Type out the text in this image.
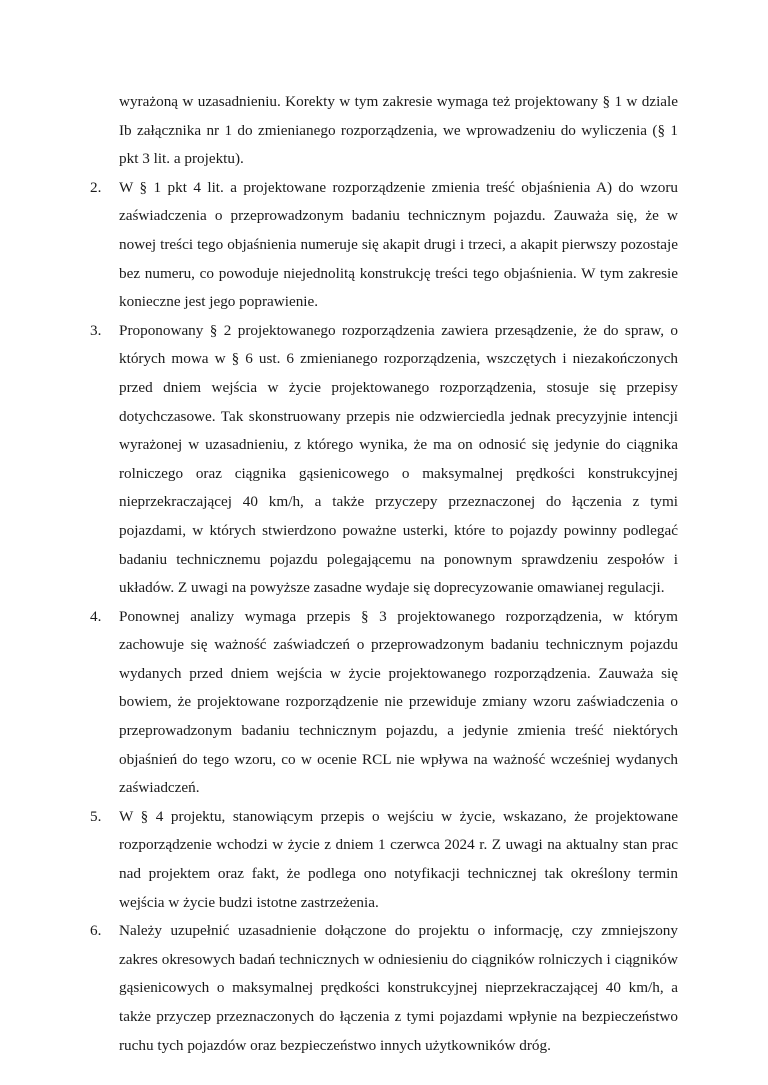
wyrażoną w uzasadnieniu. Korekty w tym zakresie wymaga też projektowany § 1 w dziale Ib załącznika nr 1 do zmienianego rozporządzenia, we wprowadzeniu do wyliczenia (§ 1 pkt 3 lit. a projektu).

2.	W § 1 pkt 4 lit. a projektowane rozporządzenie zmienia treść objaśnienia A) do wzoru zaświadczenia o przeprowadzonym badaniu technicznym pojazdu. Zauważa się, że w nowej treści tego objaśnienia numeruje się akapit drugi i trzeci, a akapit pierwszy pozostaje bez numeru, co powoduje niejednolitą konstrukcję treści tego objaśnienia. W tym zakresie konieczne jest jego poprawienie.
3.	Proponowany § 2 projektowanego rozporządzenia zawiera przesądzenie, że do spraw, o których mowa w § 6 ust. 6 zmienianego rozporządzenia, wszczętych i niezakończonych przed dniem wejścia w życie projektowanego rozporządzenia, stosuje się przepisy dotychczasowe. Tak skonstruowany przepis nie odzwierciedla jednak precyzyjnie intencji wyrażonej w uzasadnieniu, z którego wynika, że ma on odnosić się jedynie do ciągnika rolniczego oraz ciągnika gąsienicowego o maksymalnej prędkości konstrukcyjnej nieprzekraczającej 40 km/h, a także przyczepy przeznaczonej do łączenia z tymi pojazdami, w których stwierdzono poważne usterki, które to pojazdy powinny podlegać badaniu technicznemu pojazdu polegającemu na ponownym sprawdzeniu zespołów i układów. Z uwagi na powyższe zasadne wydaje się doprecyzowanie omawianej regulacji.
4.	Ponownej analizy wymaga przepis § 3 projektowanego rozporządzenia, w którym zachowuje się ważność zaświadczeń o przeprowadzonym badaniu technicznym pojazdu wydanych przed dniem wejścia w życie projektowanego rozporządzenia. Zauważa się bowiem, że projektowane rozporządzenie nie przewiduje zmiany wzoru zaświadczenia o przeprowadzonym badaniu technicznym pojazdu, a jedynie zmienia treść niektórych objaśnień do tego wzoru, co w ocenie RCL nie wpływa na ważność wcześniej wydanych zaświadczeń.
5.	W § 4 projektu, stanowiącym przepis o wejściu w życie, wskazano, że projektowane rozporządzenie wchodzi w życie z dniem 1 czerwca 2024 r. Z uwagi na aktualny stan prac nad projektem oraz fakt, że podlega ono notyfikacji technicznej tak określony termin wejścia w życie budzi istotne zastrzeżenia.
6.	Należy uzupełnić uzasadnienie dołączone do projektu o informację, czy zmniejszony zakres okresowych badań technicznych w odniesieniu do ciągników rolniczych i ciągników gąsienicowych o maksymalnej prędkości konstrukcyjnej nieprzekraczającej 40 km/h, a także przyczep przeznaczonych do łączenia z tymi pojazdami wpłynie na bezpieczeństwo ruchu tych pojazdów oraz bezpieczeństwo innych użytkowników dróg.
